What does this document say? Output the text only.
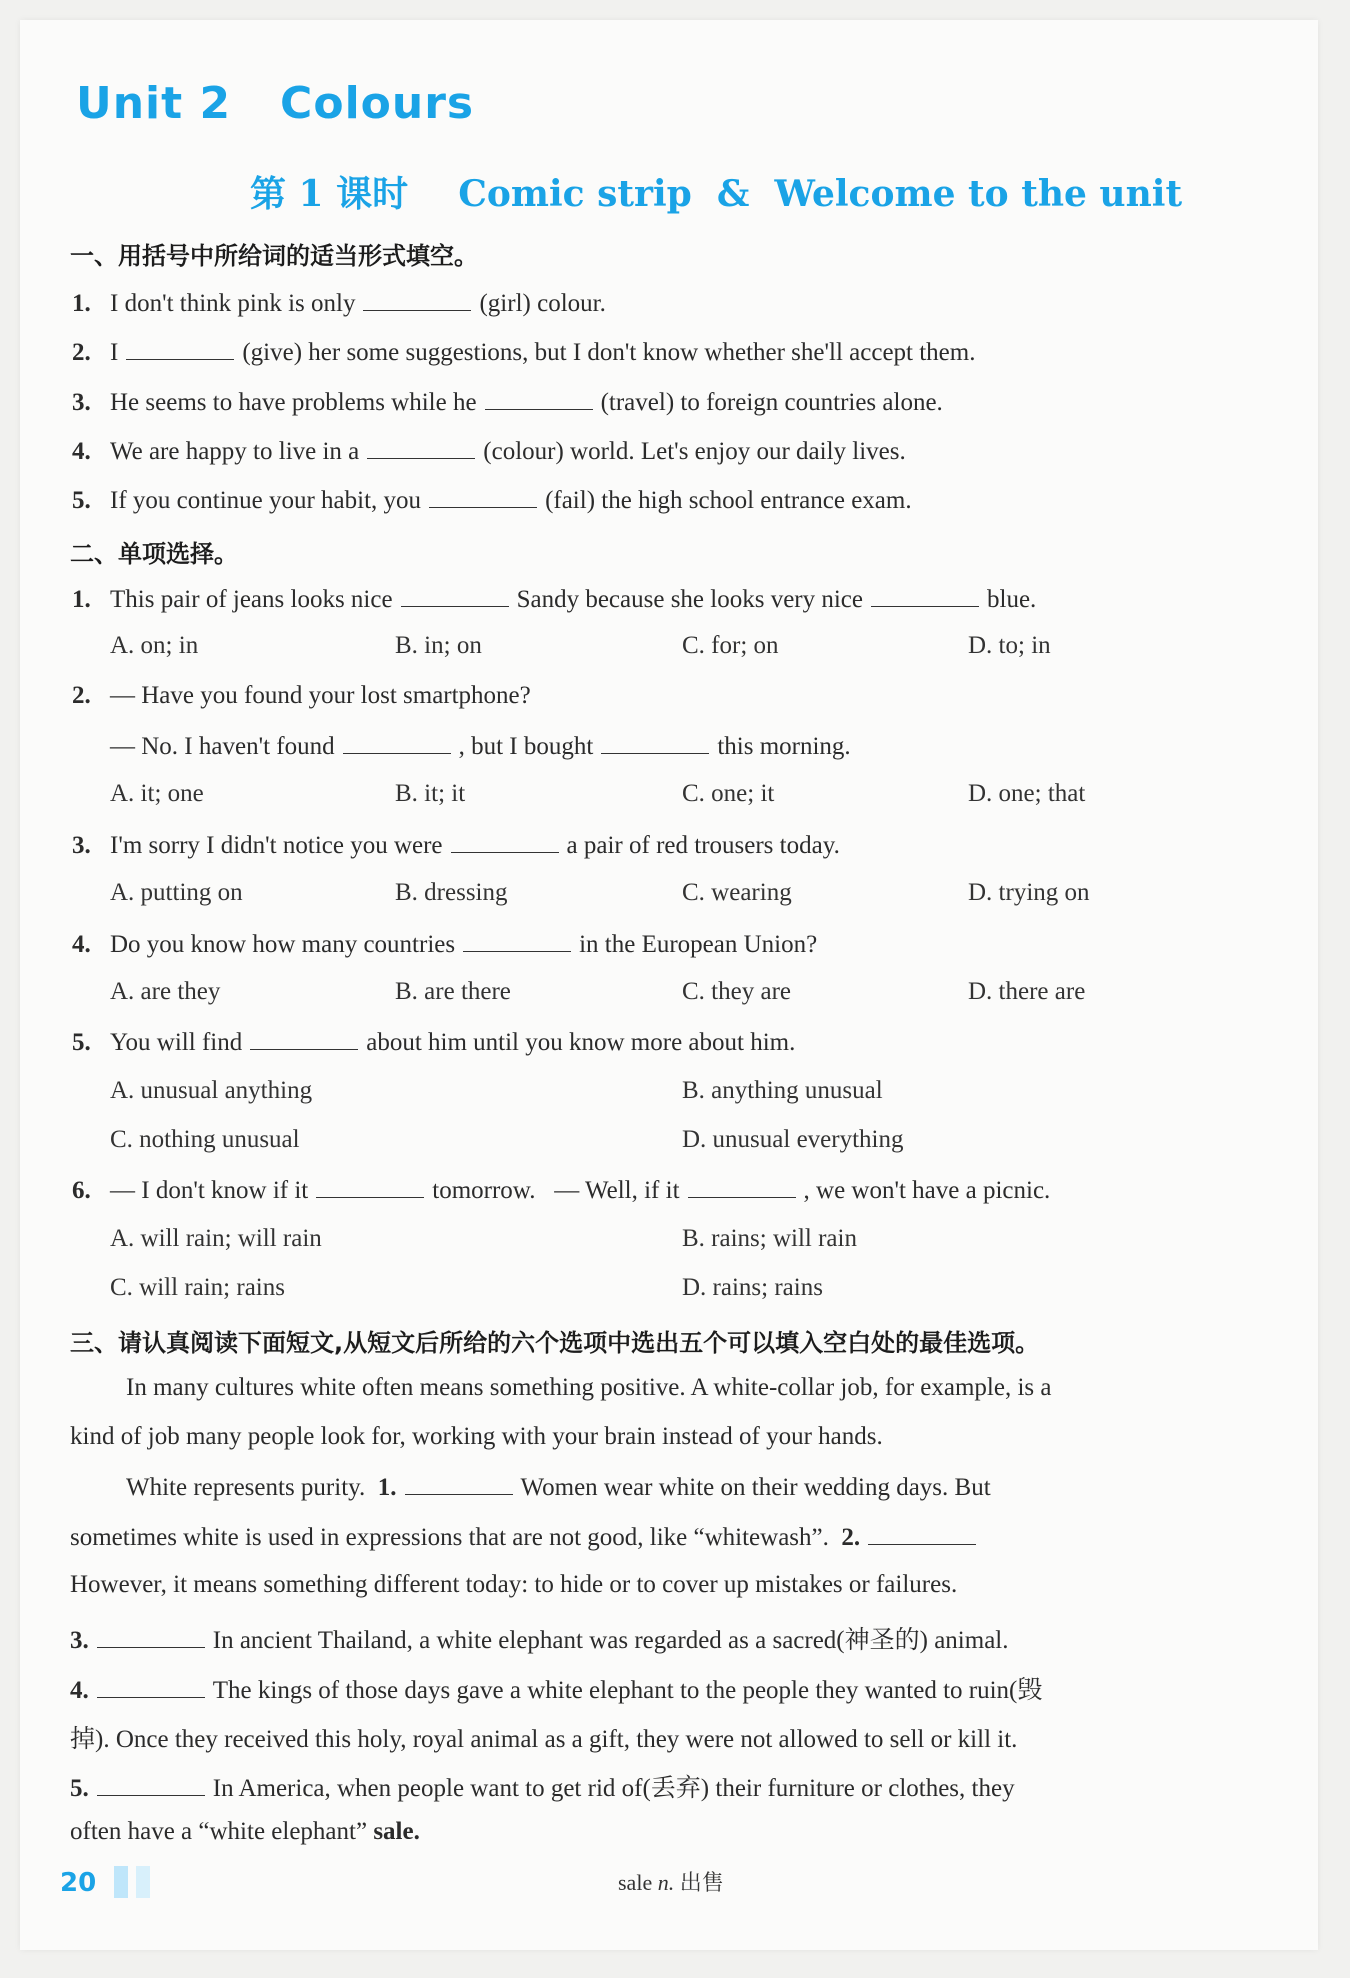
Unit 2   Colours
第 1 课时    Comic strip  &  Welcome to the unit
一、用括号中所给词的适当形式填空。
1. I don't think pink is only	(girl) colour.
2. I	(give) her some suggestions, but I don't know whether she'll accept them.
3. He seems to have problems while he	(travel) to foreign countries alone.
4. We are happy to live in a	(colour) world. Let's enjoy our daily lives.
5. If you continue your habit, you	(fail) the high school entrance exam.
二、单项选择。
1. This pair of jeans looks nice	Sandy because she looks very nice	blue.
A. on; in	B. in; on	C. for; on	D. to; in
2. — Have you found your lost smartphone?
— No. I haven't found	, but I bought	this morning.
A. it; one	B. it; it	C. one; it	D. one; that
3. I'm sorry I didn't notice you were	a pair of red trousers today.
A. putting on	B. dressing	C. wearing	D. trying on
4. Do you know how many countries	in the European Union?
A. are they	B. are there	C. they are	D. there are
5. You will find	about him until you know more about him.
A. unusual anything	B. anything unusual
C. nothing unusual	D. unusual everything
6. — I don't know if it	tomorrow. — Well, if it	, we won't have a picnic.
A. will rain; will rain	B. rains; will rain
C. will rain; rains	D. rains; rains
三、请认真阅读下面短文,从短文后所给的六个选项中选出五个可以填入空白处的最佳选项。
In many cultures white often means something positive. A white-collar job, for example, is a
kind of job many people look for, working with your brain instead of your hands.
White represents purity. 1.	Women wear white on their wedding days. But
sometimes white is used in expressions that are not good, like “whitewash”. 2.
However, it means something different today: to hide or to cover up mistakes or failures.
3.	In ancient Thailand, a white elephant was regarded as a sacred(神圣的) animal.
4.	The kings of those days gave a white elephant to the people they wanted to ruin(毁
掉). Once they received this holy, royal animal as a gift, they were not allowed to sell or kill it.
5.	In America, when people want to get rid of(丢弃) their furniture or clothes, they
often have a “white elephant” sale.
20	sale n. 出售
